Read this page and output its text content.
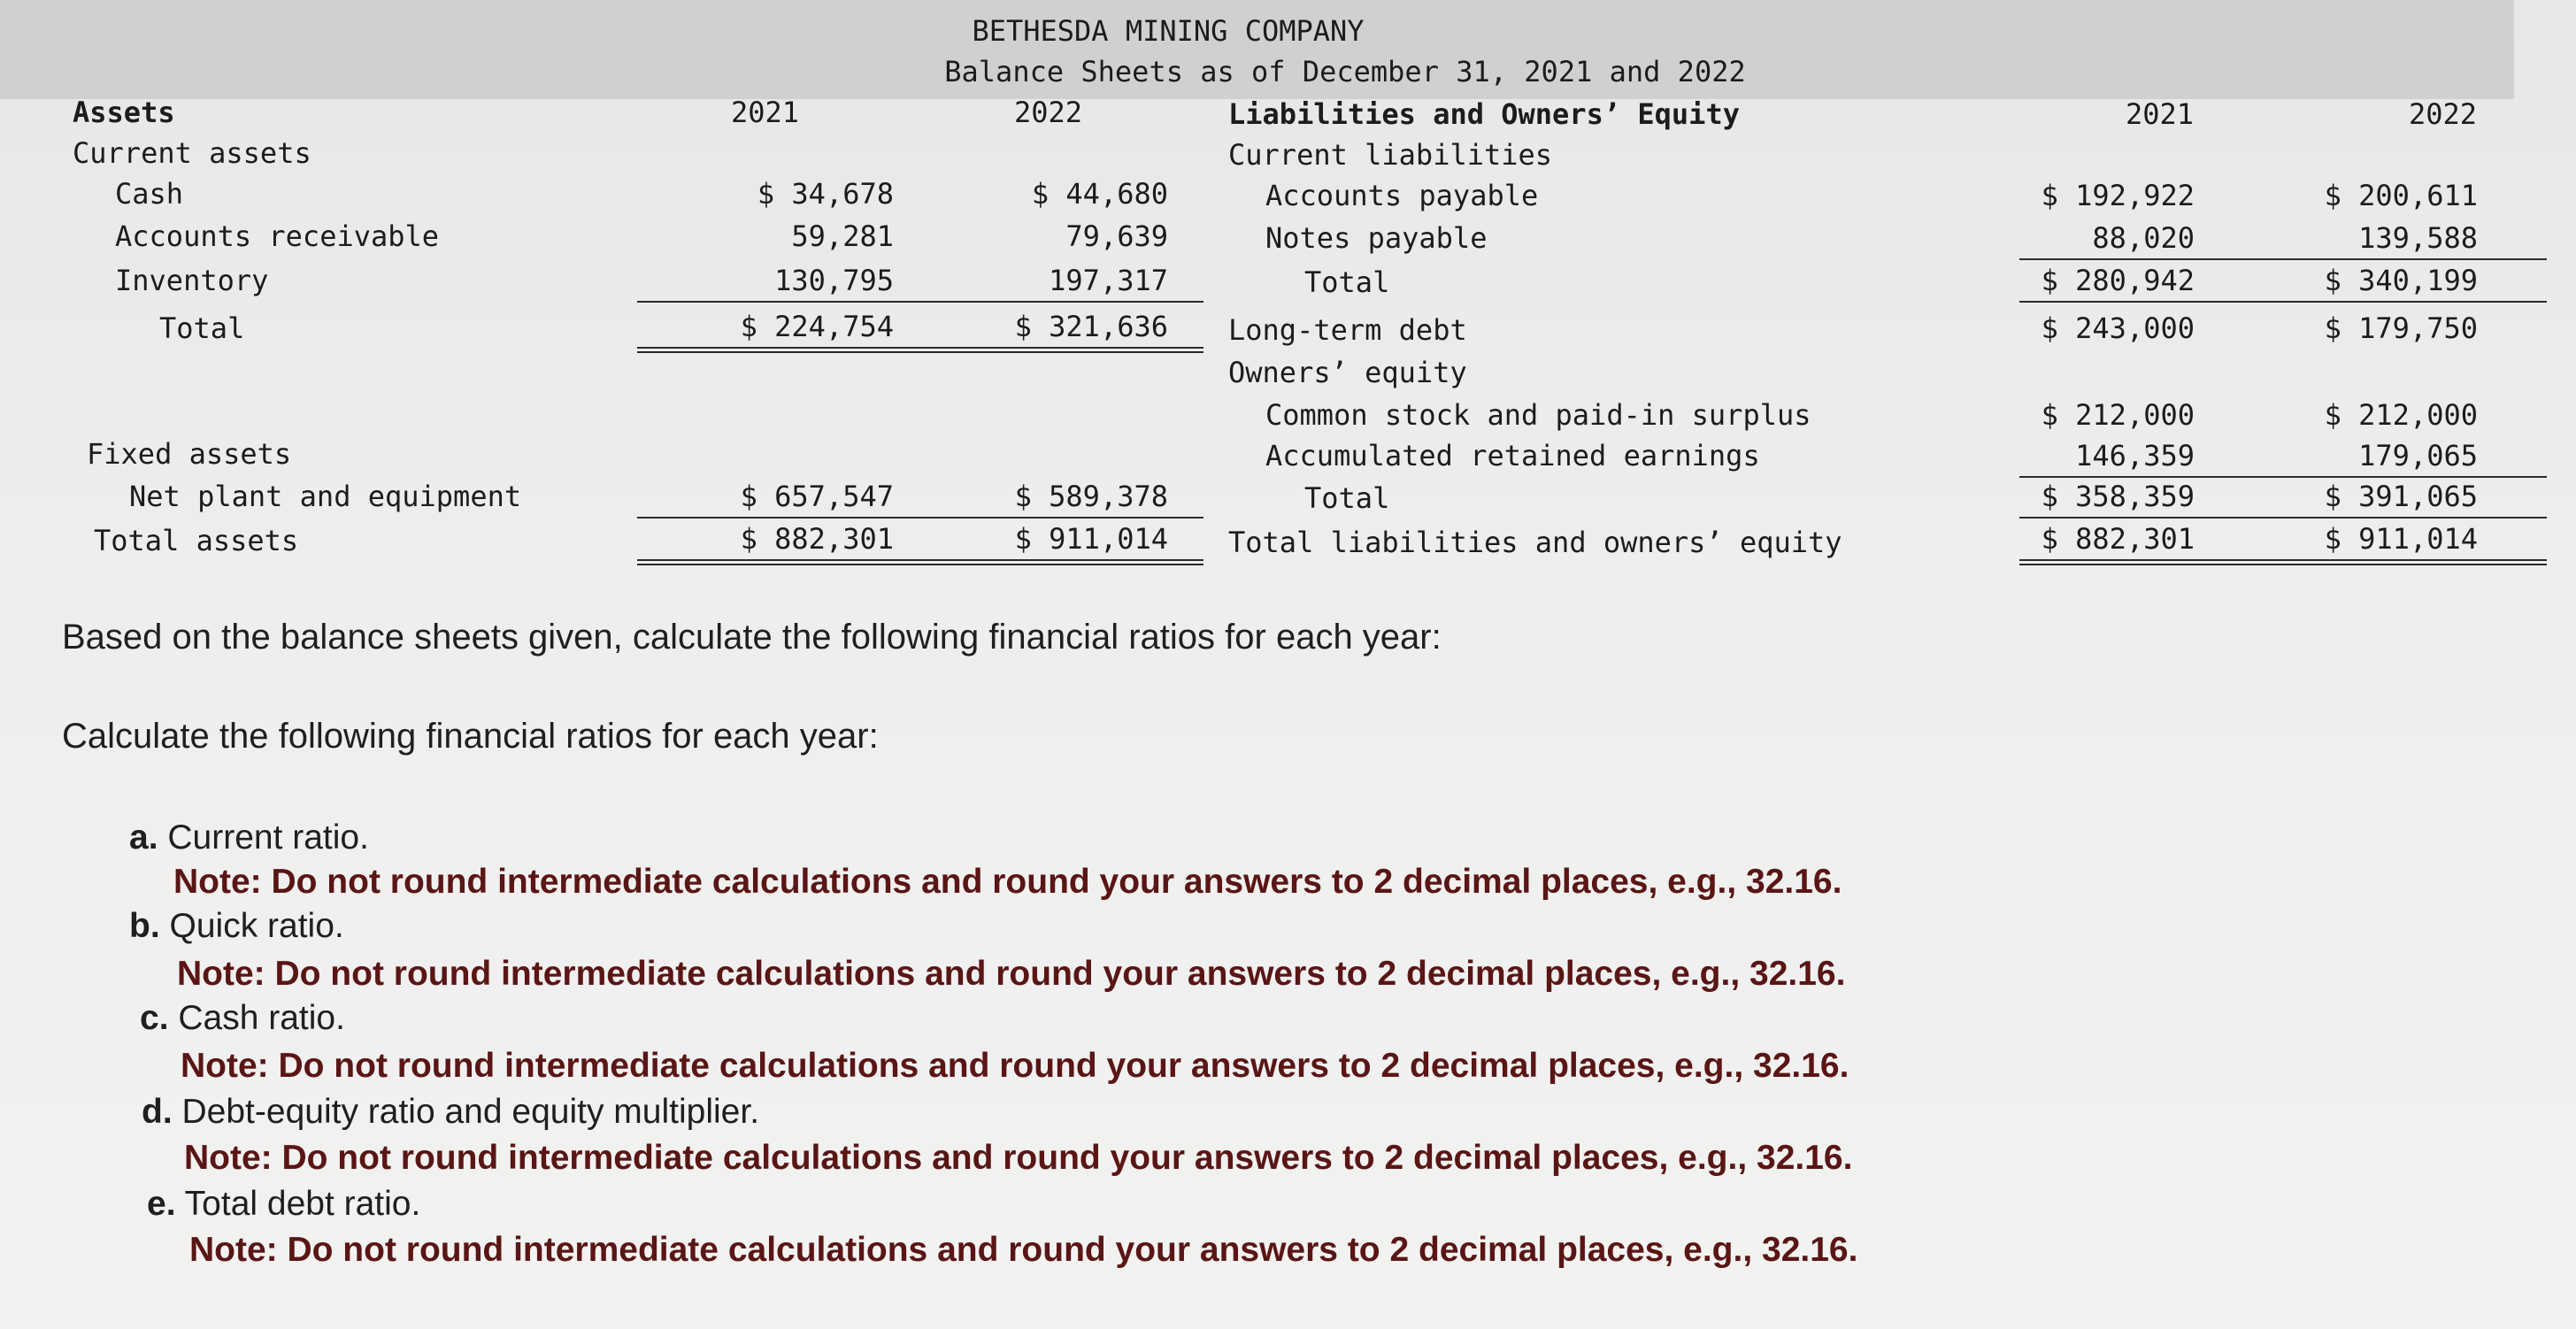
BETHESDA MINING COMPANY
Balance Sheets as of December 31, 2021 and 2022
Assets	2021	2022
Current assets
Cash	$ 34,678	$ 44,680
Accounts receivable	59,281	79,639
Inventory	130,795	197,317
Total	$ 224,754	$ 321,636
Fixed assets
Net plant and equipment	$ 657,547	$ 589,378
Total assets	$ 882,301	$ 911,014
Liabilities and Owners’ Equity	2021	2022
Current liabilities
Accounts payable	$ 192,922	$ 200,611
Notes payable	88,020	139,588
Total	$ 280,942	$ 340,199
Long-term debt	$ 243,000	$ 179,750
Owners’ equity
Common stock and paid-in surplus	$ 212,000	$ 212,000
Accumulated retained earnings	146,359	179,065
Total	$ 358,359	$ 391,065
Total liabilities and owners’ equity	$ 882,301	$ 911,014
Based on the balance sheets given, calculate the following financial ratios for each year:
Calculate the following financial ratios for each year:
a. Current ratio.
Note: Do not round intermediate calculations and round your answers to 2 decimal places, e.g., 32.16.
b. Quick ratio.
Note: Do not round intermediate calculations and round your answers to 2 decimal places, e.g., 32.16.
c. Cash ratio.
Note: Do not round intermediate calculations and round your answers to 2 decimal places, e.g., 32.16.
d. Debt-equity ratio and equity multiplier.
Note: Do not round intermediate calculations and round your answers to 2 decimal places, e.g., 32.16.
e. Total debt ratio.
Note: Do not round intermediate calculations and round your answers to 2 decimal places, e.g., 32.16.
